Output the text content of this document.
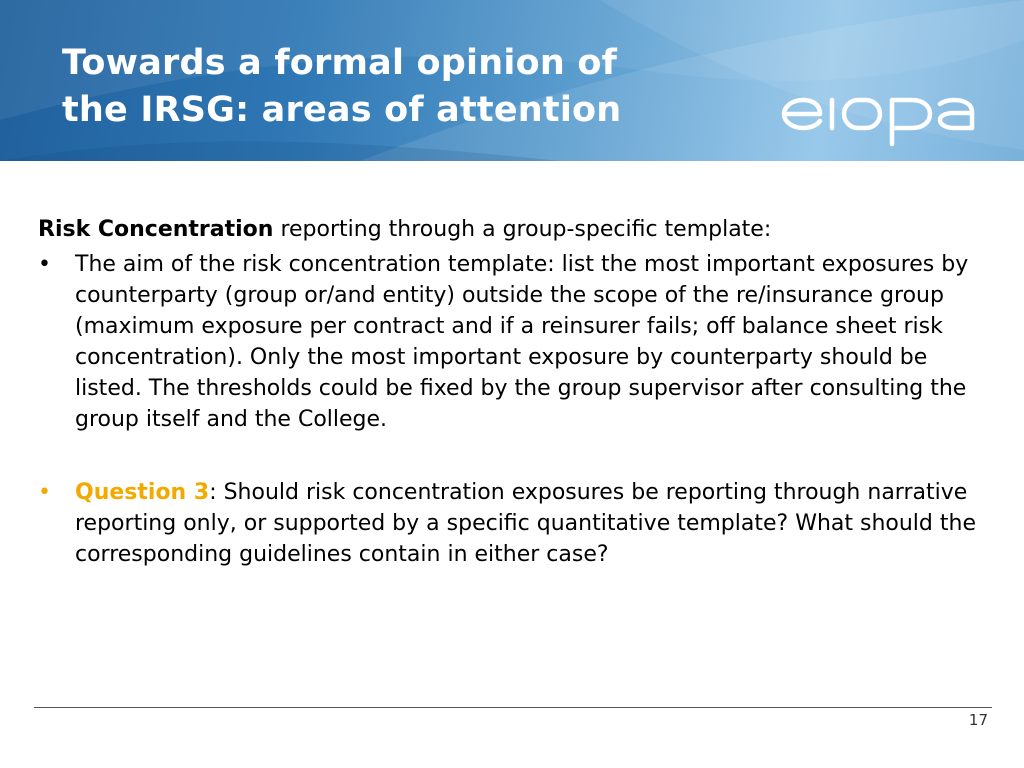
Towards a formal opinion of
the IRSG: areas of attention

Risk Concentration reporting through a group-specific template:

• The aim of the risk concentration template: list the most important exposures by counterparty (group or/and entity) outside the scope of the re/insurance group (maximum exposure per contract and if a reinsurer fails; off balance sheet risk concentration). Only the most important exposure by counterparty should be listed. The thresholds could be fixed by the group supervisor after consulting the group itself and the College.

• Question 3: Should risk concentration exposures be reporting through narrative reporting only, or supported by a specific quantitative template? What should the corresponding guidelines contain in either case?

17
